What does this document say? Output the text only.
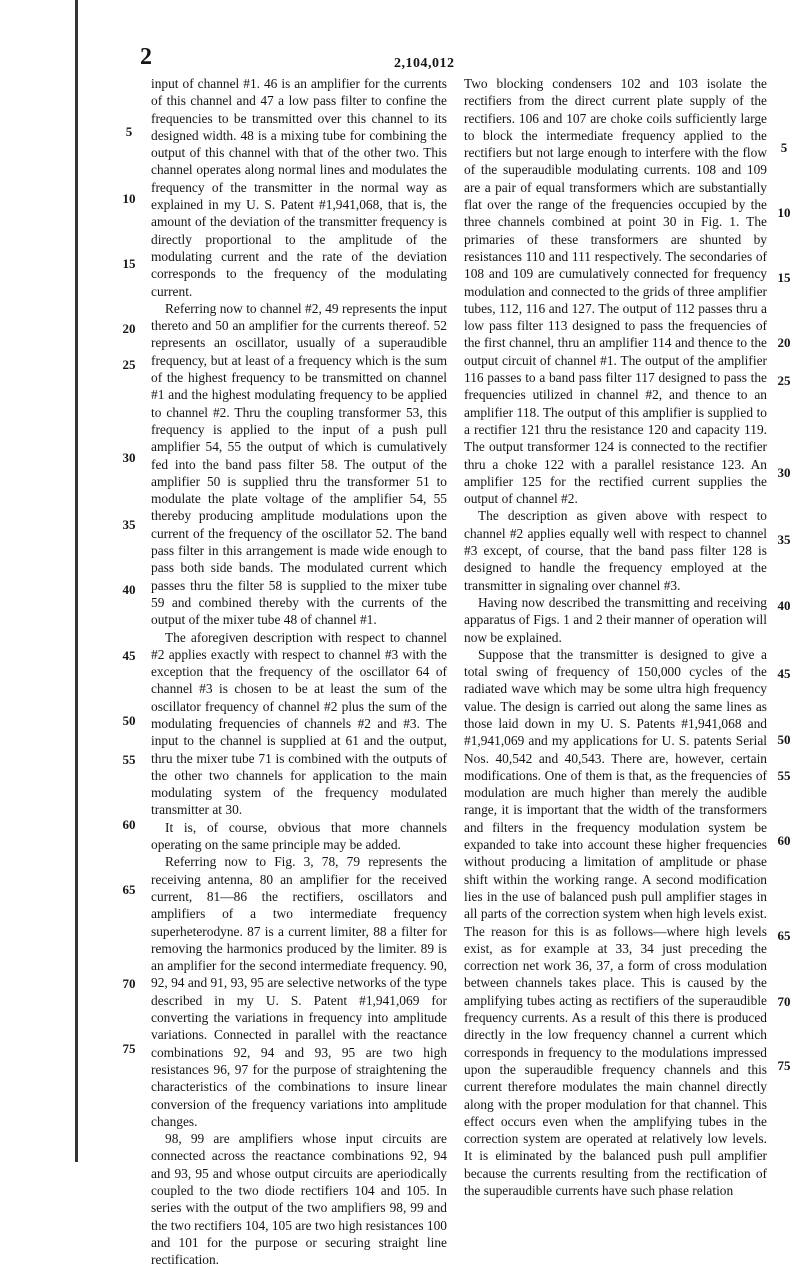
2	2,104,012

input of channel #1. 46 is an amplifier for the currents of this channel and 47 a low pass filter to confine the frequencies to be transmitted over this channel to its designed width. 48 is a mixing tube for combining the output of this channel with that of the other two. This channel operates along normal lines and modulates the frequency of the transmitter in the normal way as explained in my U. S. Patent #1,941,068, that is, the amount of the deviation of the transmitter frequency is directly proportional to the amplitude of the modulating current and the rate of the deviation corresponds to the frequency of the modulating current.

Referring now to channel #2, 49 represents the input thereto and 50 an amplifier for the currents thereof. 52 represents an oscillator, usually of a superaudible frequency, but at least of a frequency which is the sum of the highest frequency to be transmitted on channel #1 and the highest modulating frequency to be applied to channel #2. Thru the coupling transformer 53, this frequency is applied to the input of a push pull amplifier 54, 55 the output of which is cumulatively fed into the band pass filter 58. The output of the amplifier 50 is supplied thru the transformer 51 to modulate the plate voltage of the amplifier 54, 55 thereby producing amplitude modulations upon the current of the frequency of the oscillator 52. The band pass filter in this arrangement is made wide enough to pass both side bands. The modulated current which passes thru the filter 58 is supplied to the mixer tube 59 and combined thereby with the currents of the output of the mixer tube 48 of channel #1.

The aforegiven description with respect to channel #2 applies exactly with respect to channel #3 with the exception that the frequency of the oscillator 64 of channel #3 is chosen to be at least the sum of the oscillator frequency of channel #2 plus the sum of the modulating frequencies of channels #2 and #3. The input to the channel is supplied at 61 and the output, thru the mixer tube 71 is combined with the outputs of the other two channels for application to the main modulating system of the frequency modulated transmitter at 30.

It is, of course, obvious that more channels operating on the same principle may be added.

Referring now to Fig. 3, 78, 79 represents the receiving antenna, 80 an amplifier for the received current, 81—86 the rectifiers, oscillators and amplifiers of a two intermediate frequency superheterodyne. 87 is a current limiter, 88 a filter for removing the harmonics produced by the limiter. 89 is an amplifier for the second intermediate frequency. 90, 92, 94 and 91, 93, 95 are selective networks of the type described in my U. S. Patent #1,941,069 for converting the variations in frequency into amplitude variations. Connected in parallel with the reactance combinations 92, 94 and 93, 95 are two high resistances 96, 97 for the purpose of straightening the characteristics of the combinations to insure linear conversion of the frequency variations into amplitude changes.

98, 99 are amplifiers whose input circuits are connected across the reactance combinations 92, 94 and 93, 95 and whose output circuits are aperiodically coupled to the two diode rectifiers 104 and 105. In series with the output of the two amplifiers 98, 99 and the two rectifiers 104, 105 are two high resistances 100 and 101 for the purpose or securing straight line rectification.

Two blocking condensers 102 and 103 isolate the rectifiers from the direct current plate supply of the rectifiers. 106 and 107 are choke coils sufficiently large to block the intermediate frequency applied to the rectifiers but not large enough to interfere with the flow of the superaudible modulating currents. 108 and 109 are a pair of equal transformers which are substantially flat over the range of the frequencies occupied by the three channels combined at point 30 in Fig. 1. The primaries of these transformers are shunted by resistances 110 and 111 respectively. The secondaries of 108 and 109 are cumulatively connected for frequency modulation and connected to the grids of three amplifier tubes, 112, 116 and 127. The output of 112 passes thru a low pass filter 113 designed to pass the frequencies of the first channel, thru an amplifier 114 and thence to the output circuit of channel #1. The output of the amplifier 116 passes to a band pass filter 117 designed to pass the frequencies utilized in channel #2, and thence to an amplifier 118. The output of this amplifier is supplied to a rectifier 121 thru the resistance 120 and capacity 119. The output transformer 124 is connected to the rectifier thru a choke 122 with a parallel resistance 123. An amplifier 125 for the rectified current supplies the output of channel #2.

The description as given above with respect to channel #2 applies equally well with respect to channel #3 except, of course, that the band pass filter 128 is designed to handle the frequency employed at the transmitter in signaling over channel #3.

Having now described the transmitting and receiving apparatus of Figs. 1 and 2 their manner of operation will now be explained.

Suppose that the transmitter is designed to give a total swing of frequency of 150,000 cycles of the radiated wave which may be some ultra high frequency value. The design is carried out along the same lines as those laid down in my U. S. Patents #1,941,068 and #1,941,069 and my applications for U. S. patents Serial Nos. 40,542 and 40,543. There are, however, certain modifications. One of them is that, as the frequencies of modulation are much higher than merely the audible range, it is important that the width of the transformers and filters in the frequency modulation system be expanded to take into account these higher frequencies without producing a limitation of amplitude or phase shift within the working range. A second modification lies in the use of balanced push pull amplifier stages in all parts of the correction system when high levels exist. The reason for this is as follows—where high levels exist, as for example at 33, 34 just preceding the correction net work 36, 37, a form of cross modulation between channels takes place. This is caused by the amplifying tubes acting as rectifiers of the superaudible frequency currents. As a result of this there is produced directly in the low frequency channel a current which corresponds in frequency to the modulations impressed upon the superaudible frequency channels and this current therefore modulates the main channel directly along with the proper modulation for that channel. This effect occurs even when the amplifying tubes in the correction system are operated at relatively low levels. It is eliminated by the balanced push pull amplifier because the currents resulting from the rectification of the superaudible currents have such phase relation

5
10
15
20
25
30
35
40
45
50
55
60
65
70
75
5
10
15
20
25
30
35
40
45
50
55
60
65
70
75
